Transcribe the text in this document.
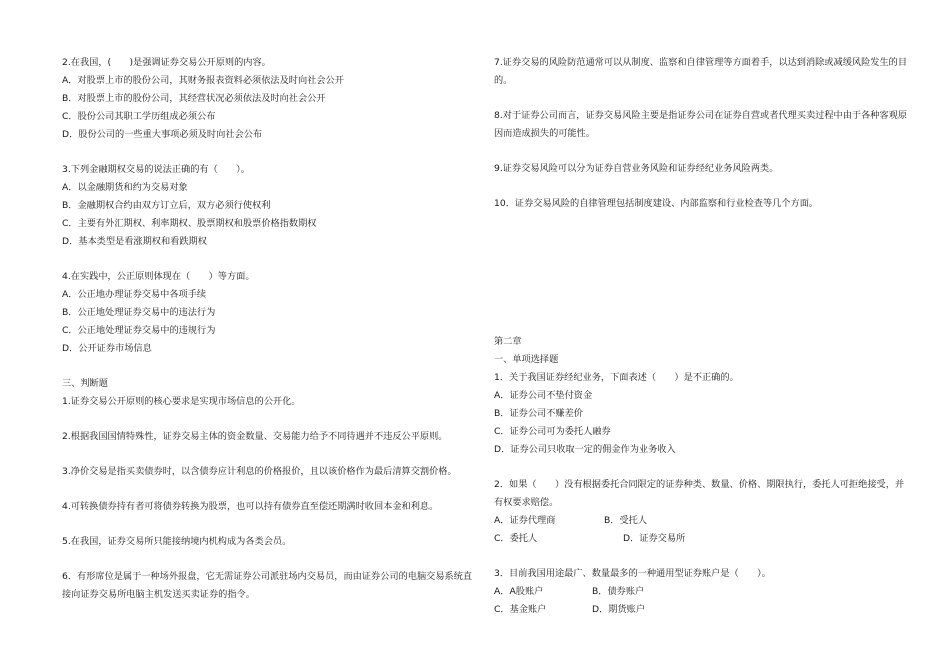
2.在我国，(　　)是强调证券交易公开原则的内容。

A．对股票上市的股份公司，其财务报表资料必须依法及时向社会公开

B．对股票上市的股份公司，其经营状况必须依法及时向社会公开

C．股份公司其职工学历组成必须公布

D．股份公司的一些重大事项必须及时向社会公布

3.下列金融期权交易的说法正确的有（　　）。

A．以金融期货和约为交易对象

B．金融期权合约由双方订立后，双方必须行使权利

C．主要有外汇期权、利率期权、股票期权和股票价格指数期权

D．基本类型是看涨期权和看跌期权

4.在实践中，公正原则体现在（　　）等方面。

A．公正地办理证券交易中各项手续

B．公正地处理证券交易中的违法行为

C．公正地处理证券交易中的违规行为

D．公开证券市场信息

三、判断题

1.证券交易公开原则的核心要求是实现市场信息的公开化。

2.根据我国国情特殊性，证券交易主体的资金数量、交易能力给予不同待遇并不违反公平原则。

3.净价交易是指买卖债券时，以含债券应计利息的价格报价，且以该价格作为最后清算交割价格。

4.可转换债券持有者可将债券转换为股票，也可以持有债券直至偿还期满时收回本金和利息。

5.在我国，证券交易所只能接纳境内机构成为各类会员。

6．有形席位是属于一种场外报盘，它无需证券公司派驻场内交易员，而由证券公司的电脑交易系统直接向证券交易所电脑主机发送买卖证券的指令。

7.证券交易的风险防范通常可以从制度、监察和自律管理等方面着手，以达到消除或减缓风险发生的目的。

8.对于证券公司而言，证券交易风险主要是指证券公司在证券自营或者代理买卖过程中由于各种客观原因而造成损失的可能性。

9.证券交易风险可以分为证券自营业务风险和证券经纪业务风险两类。

10．证券交易风险的自律管理包括制度建设、内部监察和行业检查等几个方面。

第二章

一、单项选择题

1．关于我国证券经纪业务，下面表述（　　）是不正确的。

A．证券公司不垫付资金

B．证券公司不赚差价

C．证券公司可为委托人融券

D．证券公司只收取一定的佣金作为业务收入

2．如果（　　）没有根据委托合同限定的证券种类、数量、价格、期限执行，委托人可拒绝接受，并有权要求赔偿。

A．证券代理商	B．受托人
C．委托人	D．证券交易所

3．目前我国用途最广、数量最多的一种通用型证券账户是（　　）。

A．A股账户	B．债券账户
C．基金账户	D．期货账户
